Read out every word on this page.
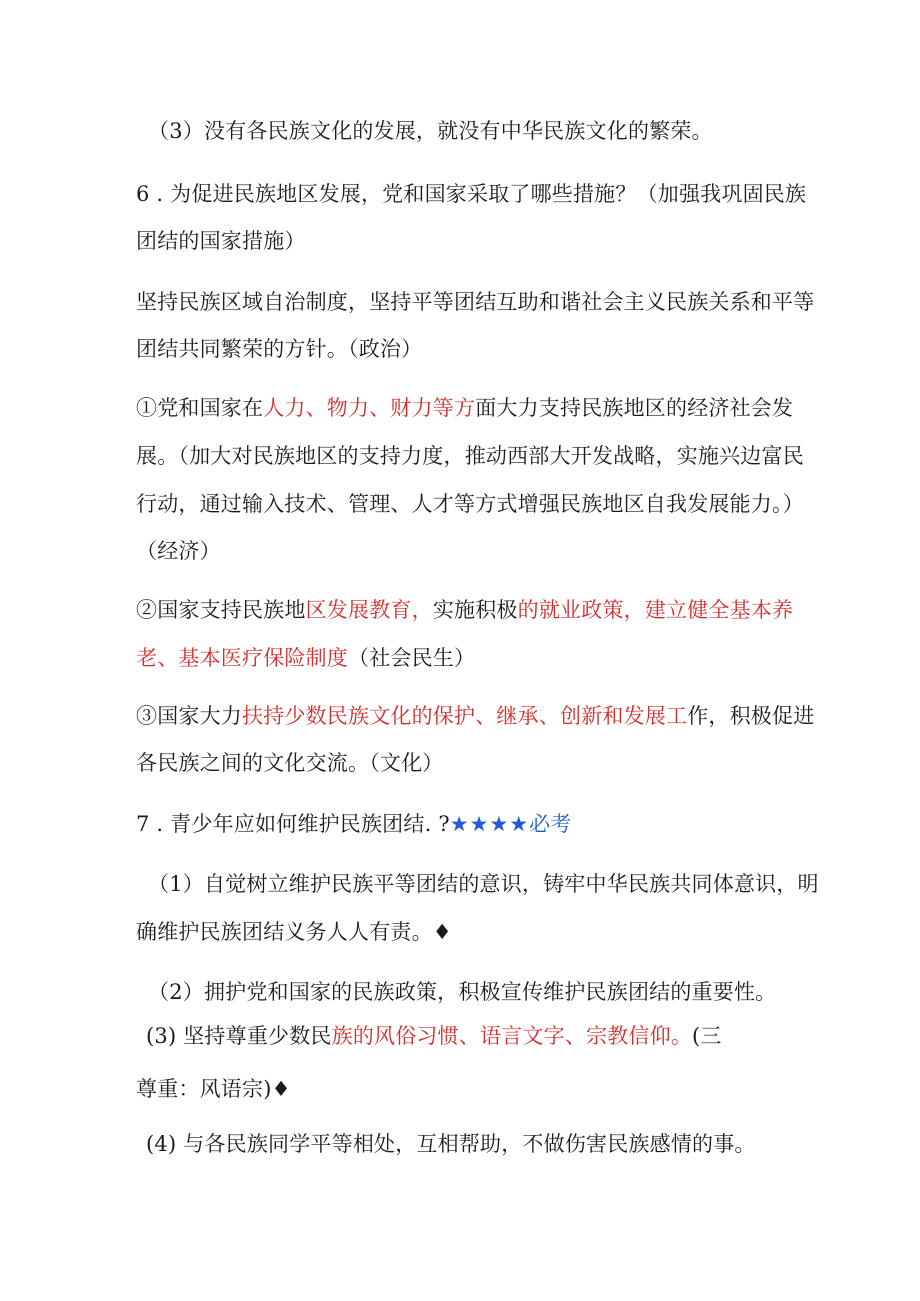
（3）没有各民族文化的发展，就没有中华民族文化的繁荣。
6 . 为促进民族地区发展，党和国家采取了哪些措施？（加强我巩固民族
团结的国家措施）
坚持民族区域自治制度，坚持平等团结互助和谐社会主义民族关系和平等
团结共同繁荣的方针。（政治）
①党和国家在人力、物力、财力等方面大力支持民族地区的经济社会发
展。（加大对民族地区的支持力度，推动西部大开发战略，实施兴边富民
行动，通过输入技术、管理、人才等方式增强民族地区自我发展能力。）
（经济）
②国家支持民族地区发展教育，实施积极的就业政策，建立健全基本养
老、基本医疗保险制度（社会民生）
③国家大力扶持少数民族文化的保护、继承、创新和发展工作，积极促进
各民族之间的文化交流。（文化）
7 . 青少年应如何维护民族团结. ?★★★★必考
（1）自觉树立维护民族平等团结的意识，铸牢中华民族共同体意识，明
确维护民族团结义务人人有责。♦
（2）拥护党和国家的民族政策，积极宣传维护民族团结的重要性。
(3) 坚持尊重少数民族的风俗习惯、语言文字、宗教信仰。(三
尊重：风语宗)♦
(4) 与各民族同学平等相处，互相帮助，不做伤害民族感情的事。
